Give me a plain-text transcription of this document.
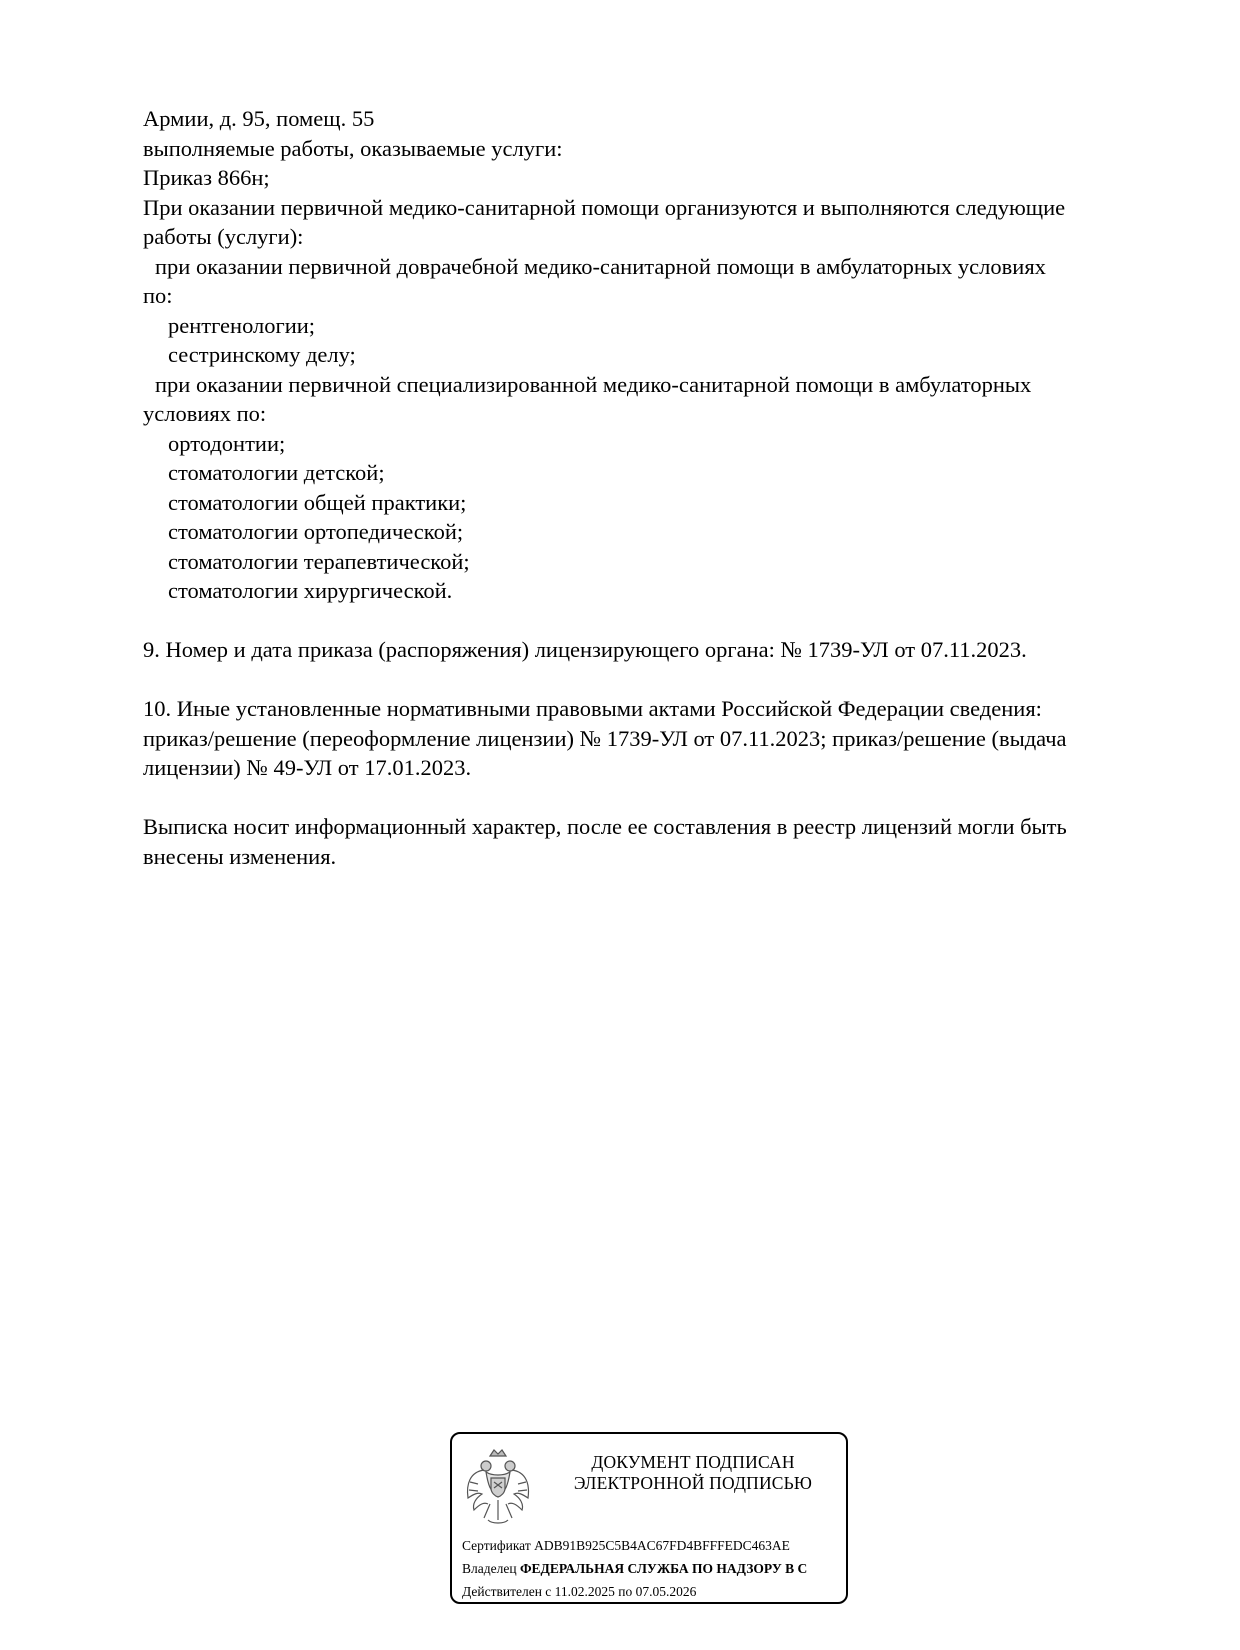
Армии, д. 95, помещ. 55
выполняемые работы, оказываемые услуги:
Приказ 866н;
При оказании первичной медико-санитарной помощи организуются и выполняются следующие
работы (услуги):
при оказании первичной доврачебной медико-санитарной помощи в амбулаторных условиях
по:
рентгенологии;
сестринскому делу;
при оказании первичной специализированной медико-санитарной помощи в амбулаторных
условиях по:
ортодонтии;
стоматологии детской;
стоматологии общей практики;
стоматологии ортопедической;
стоматологии терапевтической;
стоматологии хирургической.
9. Номер и дата приказа (распоряжения) лицензирующего органа: № 1739-УЛ от 07.11.2023.
10. Иные установленные нормативными правовыми актами Российской Федерации сведения:
приказ/решение (переоформление лицензии) № 1739-УЛ от 07.11.2023; приказ/решение (выдача
лицензии) № 49-УЛ от 17.01.2023.
Выписка носит информационный характер, после ее составления в реестр лицензий могли быть
внесены изменения.
ДОКУМЕНТ ПОДПИСАН
ЭЛЕКТРОННОЙ ПОДПИСЬЮ
Сертификат ADB91B925C5B4AC67FD4BFFFEDC463AE
Владелец ФЕДЕРАЛЬНАЯ СЛУЖБА ПО НАДЗОРУ В С
Действителен с 11.02.2025 по 07.05.2026
